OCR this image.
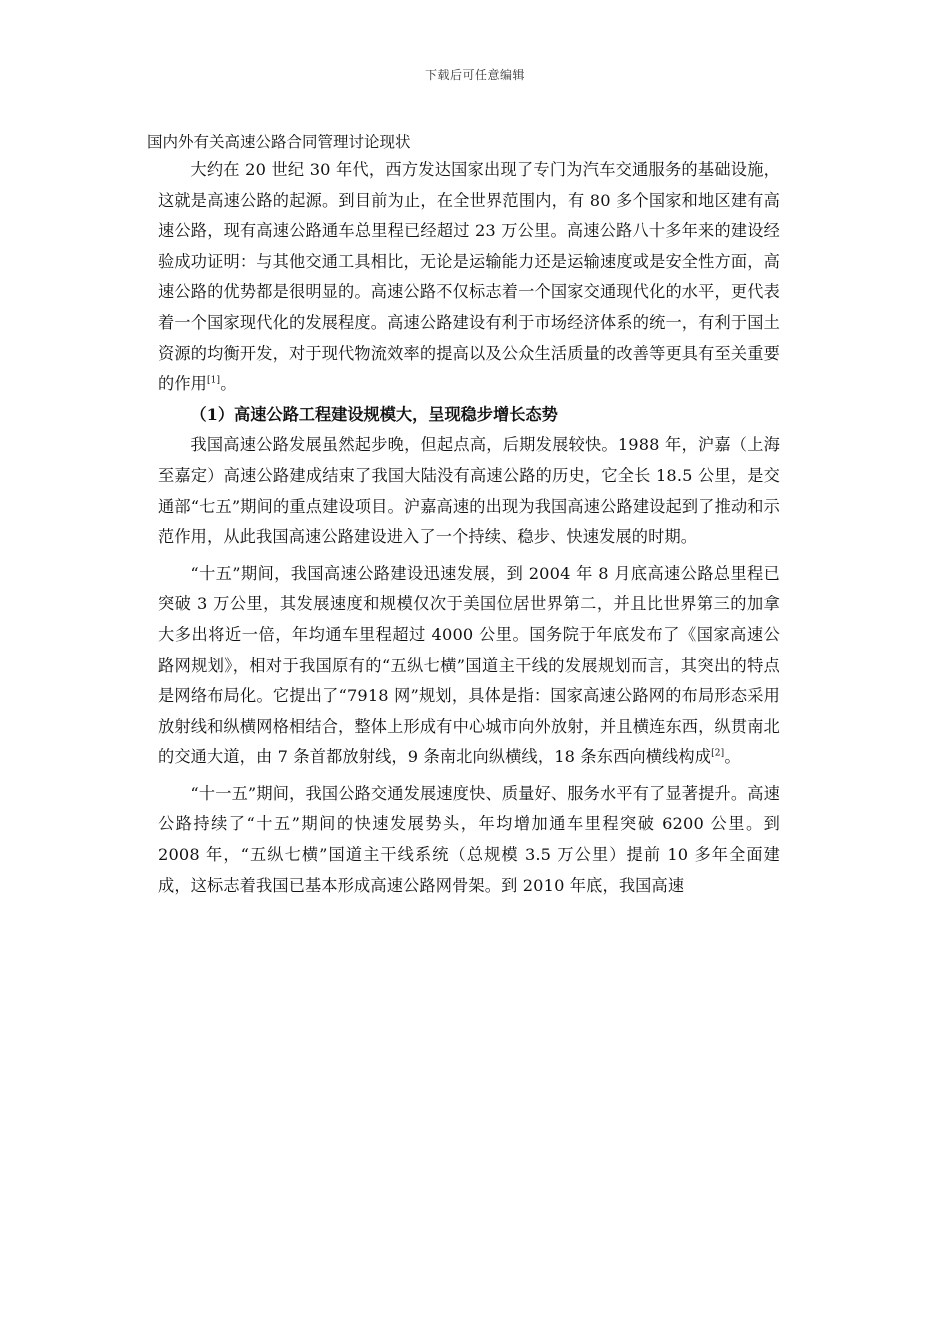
下载后可任意编辑
国内外有关高速公路合同管理讨论现状

大约在 20 世纪 30 年代，西方发达国家出现了专门为汽车交通服务的基础设施，这就是高速公路的起源。到目前为止，在全世界范围内，有 80 多个国家和地区建有高速公路，现有高速公路通车总里程已经超过 23 万公里。高速公路八十多年来的建设经验成功证明：与其他交通工具相比，无论是运输能力还是运输速度或是安全性方面，高速公路的优势都是很明显的。高速公路不仅标志着一个国家交通现代化的水平，更代表着一个国家现代化的发展程度。高速公路建设有利于市场经济体系的统一，有利于国土资源的均衡开发，对于现代物流效率的提高以及公众生活质量的改善等更具有至关重要的作用[1]。

（1）高速公路工程建设规模大，呈现稳步增长态势

我国高速公路发展虽然起步晚，但起点高，后期发展较快。1988 年，沪嘉（上海至嘉定）高速公路建成结束了我国大陆没有高速公路的历史，它全长 18.5 公里，是交通部“七五”期间的重点建设项目。沪嘉高速的出现为我国高速公路建设起到了推动和示范作用，从此我国高速公路建设进入了一个持续、稳步、快速发展的时期。

“十五”期间，我国高速公路建设迅速发展，到 2004 年 8 月底高速公路总里程已突破 3 万公里，其发展速度和规模仅次于美国位居世界第二，并且比世界第三的加拿大多出将近一倍，年均通车里程超过 4000 公里。国务院于年底发布了《国家高速公路网规划》，相对于我国原有的“五纵七横”国道主干线的发展规划而言，其突出的特点是网络布局化。它提出了“7918 网”规划，具体是指：国家高速公路网的布局形态采用放射线和纵横网格相结合，整体上形成有中心城市向外放射，并且横连东西，纵贯南北的交通大道，由 7 条首都放射线，9 条南北向纵横线，18 条东西向横线构成[2]。

“十一五”期间，我国公路交通发展速度快、质量好、服务水平有了显著提升。高速公路持续了“十五”期间的快速发展势头，年均增加通车里程突破 6200 公里。到 2008 年，“五纵七横”国道主干线系统（总规模 3.5 万公里）提前 10 多年全面建成，这标志着我国已基本形成高速公路网骨架。到 2010 年底，我国高速
